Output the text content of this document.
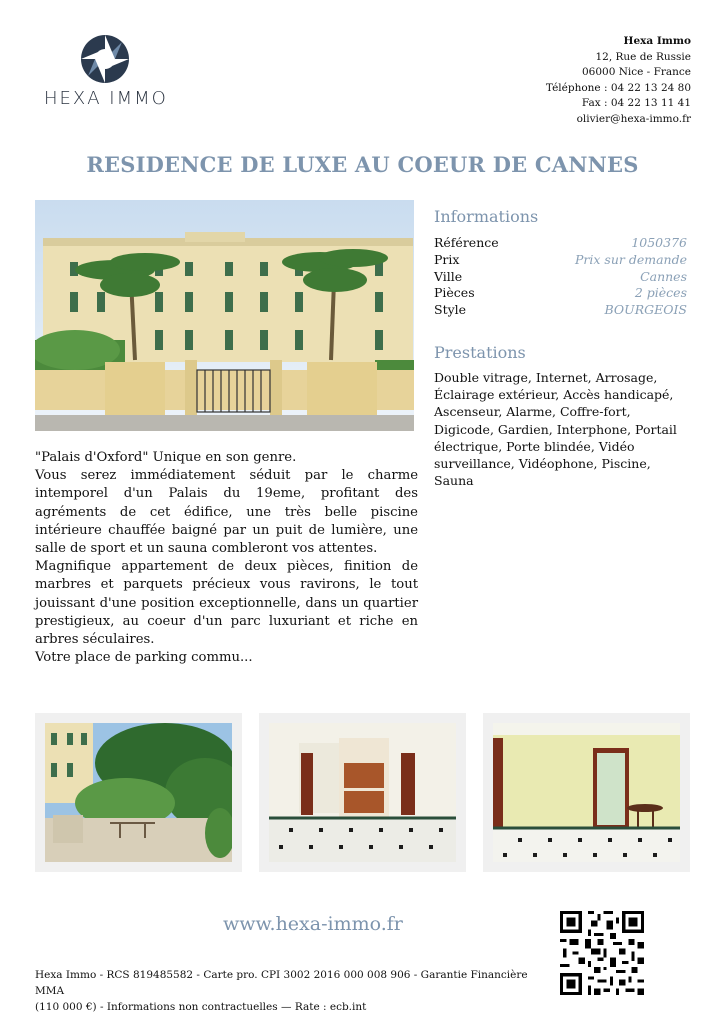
HEXA IMMO
Hexa Immo
12, Rue de Russie
06000 Nice - France
Téléphone : 04 22 13 24 80
Fax : 04 22 13 11 41
olivier@hexa-immo.fr
RESIDENCE DE LUXE AU COEUR DE CANNES
Informations
Référence	1050376
Prix	Prix sur demande
Ville	Cannes
Pièces	2 pièces
Style	BOURGEOIS
Prestations
Double vitrage, Internet, Arrosage, Éclairage extérieur, Accès handicapé, Ascenseur, Alarme, Coffre-fort, Digicode, Gardien, Interphone, Portail électrique, Porte blindée, Vidéo surveillance, Vidéophone, Piscine, Sauna

"Palais d'Oxford" Unique en son genre.

Vous serez immédiatement séduit par le charme intemporel d'un Palais du 19eme, profitant des agréments de cet édifice, une très belle piscine intérieure chauffée baigné par un puit de lumière, une salle de sport et un sauna combleront vos attentes.

Magnifique appartement de deux pièces, finition de marbres et parquets précieux vous ravirons, le tout jouissant d'une position exceptionnelle, dans un quartier prestigieux, au coeur d'un parc luxuriant et riche en arbres séculaires.

Votre place de parking commu...

www.hexa-immo.fr
Hexa Immo - RCS 819485582 - Carte pro. CPI 3002 2016 000 008 906 - Garantie Financière MMA
(110 000 €) - Informations non contractuelles — Rate : ecb.int
